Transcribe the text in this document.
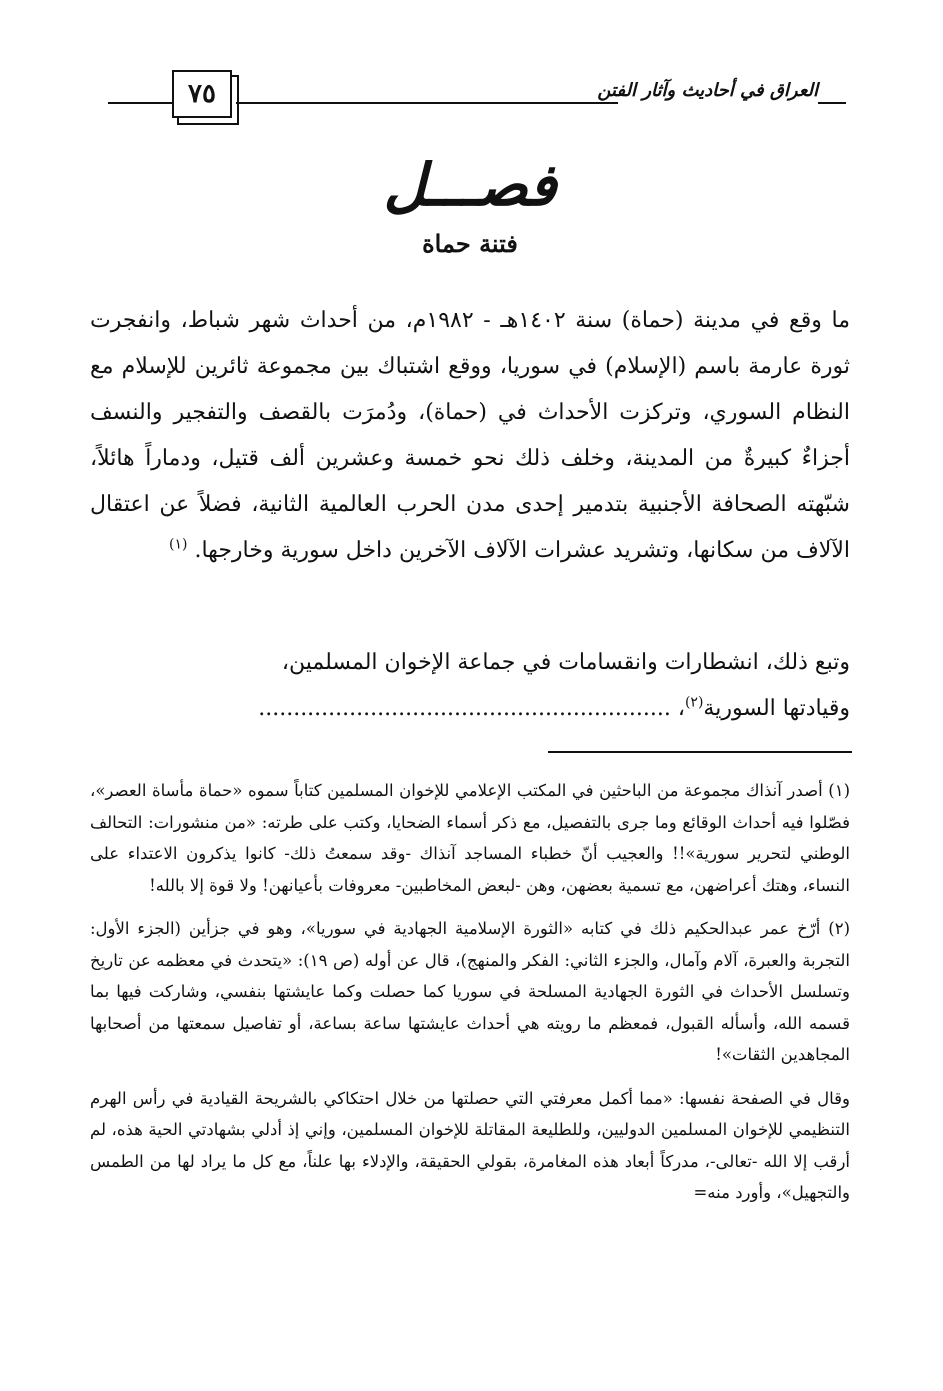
٧٥	العراق في أحاديث وآثار الفتن
فصـــل
فتنة حماة
ما وقع في مدينة (حماة) سنة ١٤٠٢هـ - ١٩٨٢م، من أحداث شهر شباط، وانفجرت ثورة عارمة باسم (الإسلام) في سوريا، ووقع اشتباك بين مجموعة ثائرين للإسلام مع النظام السوري، وتركزت الأحداث في (حماة)، ودُمرَت بالقصف والتفجير والنسف أجزاءٌ كبيرةٌ من المدينة، وخلف ذلك نحو خمسة وعشرين ألف قتيل، ودماراً هائلاً، شبّهته الصحافة الأجنبية بتدمير إحدى مدن الحرب العالمية الثانية، فضلاً عن اعتقال الآلاف من سكانها، وتشريد عشرات الآلاف الآخرين داخل سورية وخارجها. $^{(١)}$
وتبع ذلك، انشطارات وانقسامات في جماعة الإخوان المسلمين،
وقيادتها السورية$^{(٢)}$، ...........................................................

(١) أصدر آنذاك مجموعة من الباحثين في المكتب الإعلامي للإخوان المسلمين كتاباً سموه «حماة مأساة العصر»، فصّلوا فيه أحداث الوقائع وما جرى بالتفصيل، مع ذكر أسماء الضحايا، وكتب على طرته: «من منشورات: التحالف الوطني لتحرير سورية»!! والعجيب أنّ خطباء المساجد آنذاك -وقد سمعتُ ذلك- كانوا يذكرون الاعتداء على النساء، وهتك أعراضهن، مع تسمية بعضهن، وهن -لبعض المخاطبين- معروفات بأعيانهن! ولا قوة إلا بالله!

(٢) أرّخ عمر عبدالحكيم ذلك في كتابه «الثورة الإسلامية الجهادية في سوريا»، وهو في جزأين (الجزء الأول: التجربة والعبرة، آلام وآمال، والجزء الثاني: الفكر والمنهج)، قال عن أوله (ص ١٩): «يتحدث في معظمه عن تاريخ وتسلسل الأحداث في الثورة الجهادية المسلحة في سوريا كما حصلت وكما عايشتها بنفسي، وشاركت فيها بما قسمه الله، وأسأله القبول، فمعظم ما رويته هي أحداث عايشتها ساعة بساعة، أو تفاصيل سمعتها من أصحابها المجاهدين الثقات»!

وقال في الصفحة نفسها: «مما أكمل معرفتي التي حصلتها من خلال احتكاكي بالشريحة القيادية في رأس الهرم التنظيمي للإخوان المسلمين الدوليين، وللطليعة المقاتلة للإخوان المسلمين، وإني إذ أدلي بشهادتي الحية هذه، لم أرقب إلا الله -تعالى-، مدركاً أبعاد هذه المغامرة، بقولي الحقيقة، والإدلاء بها علناً، مع كل ما يراد لها من الطمس والتجهيل»، وأورد منه=
